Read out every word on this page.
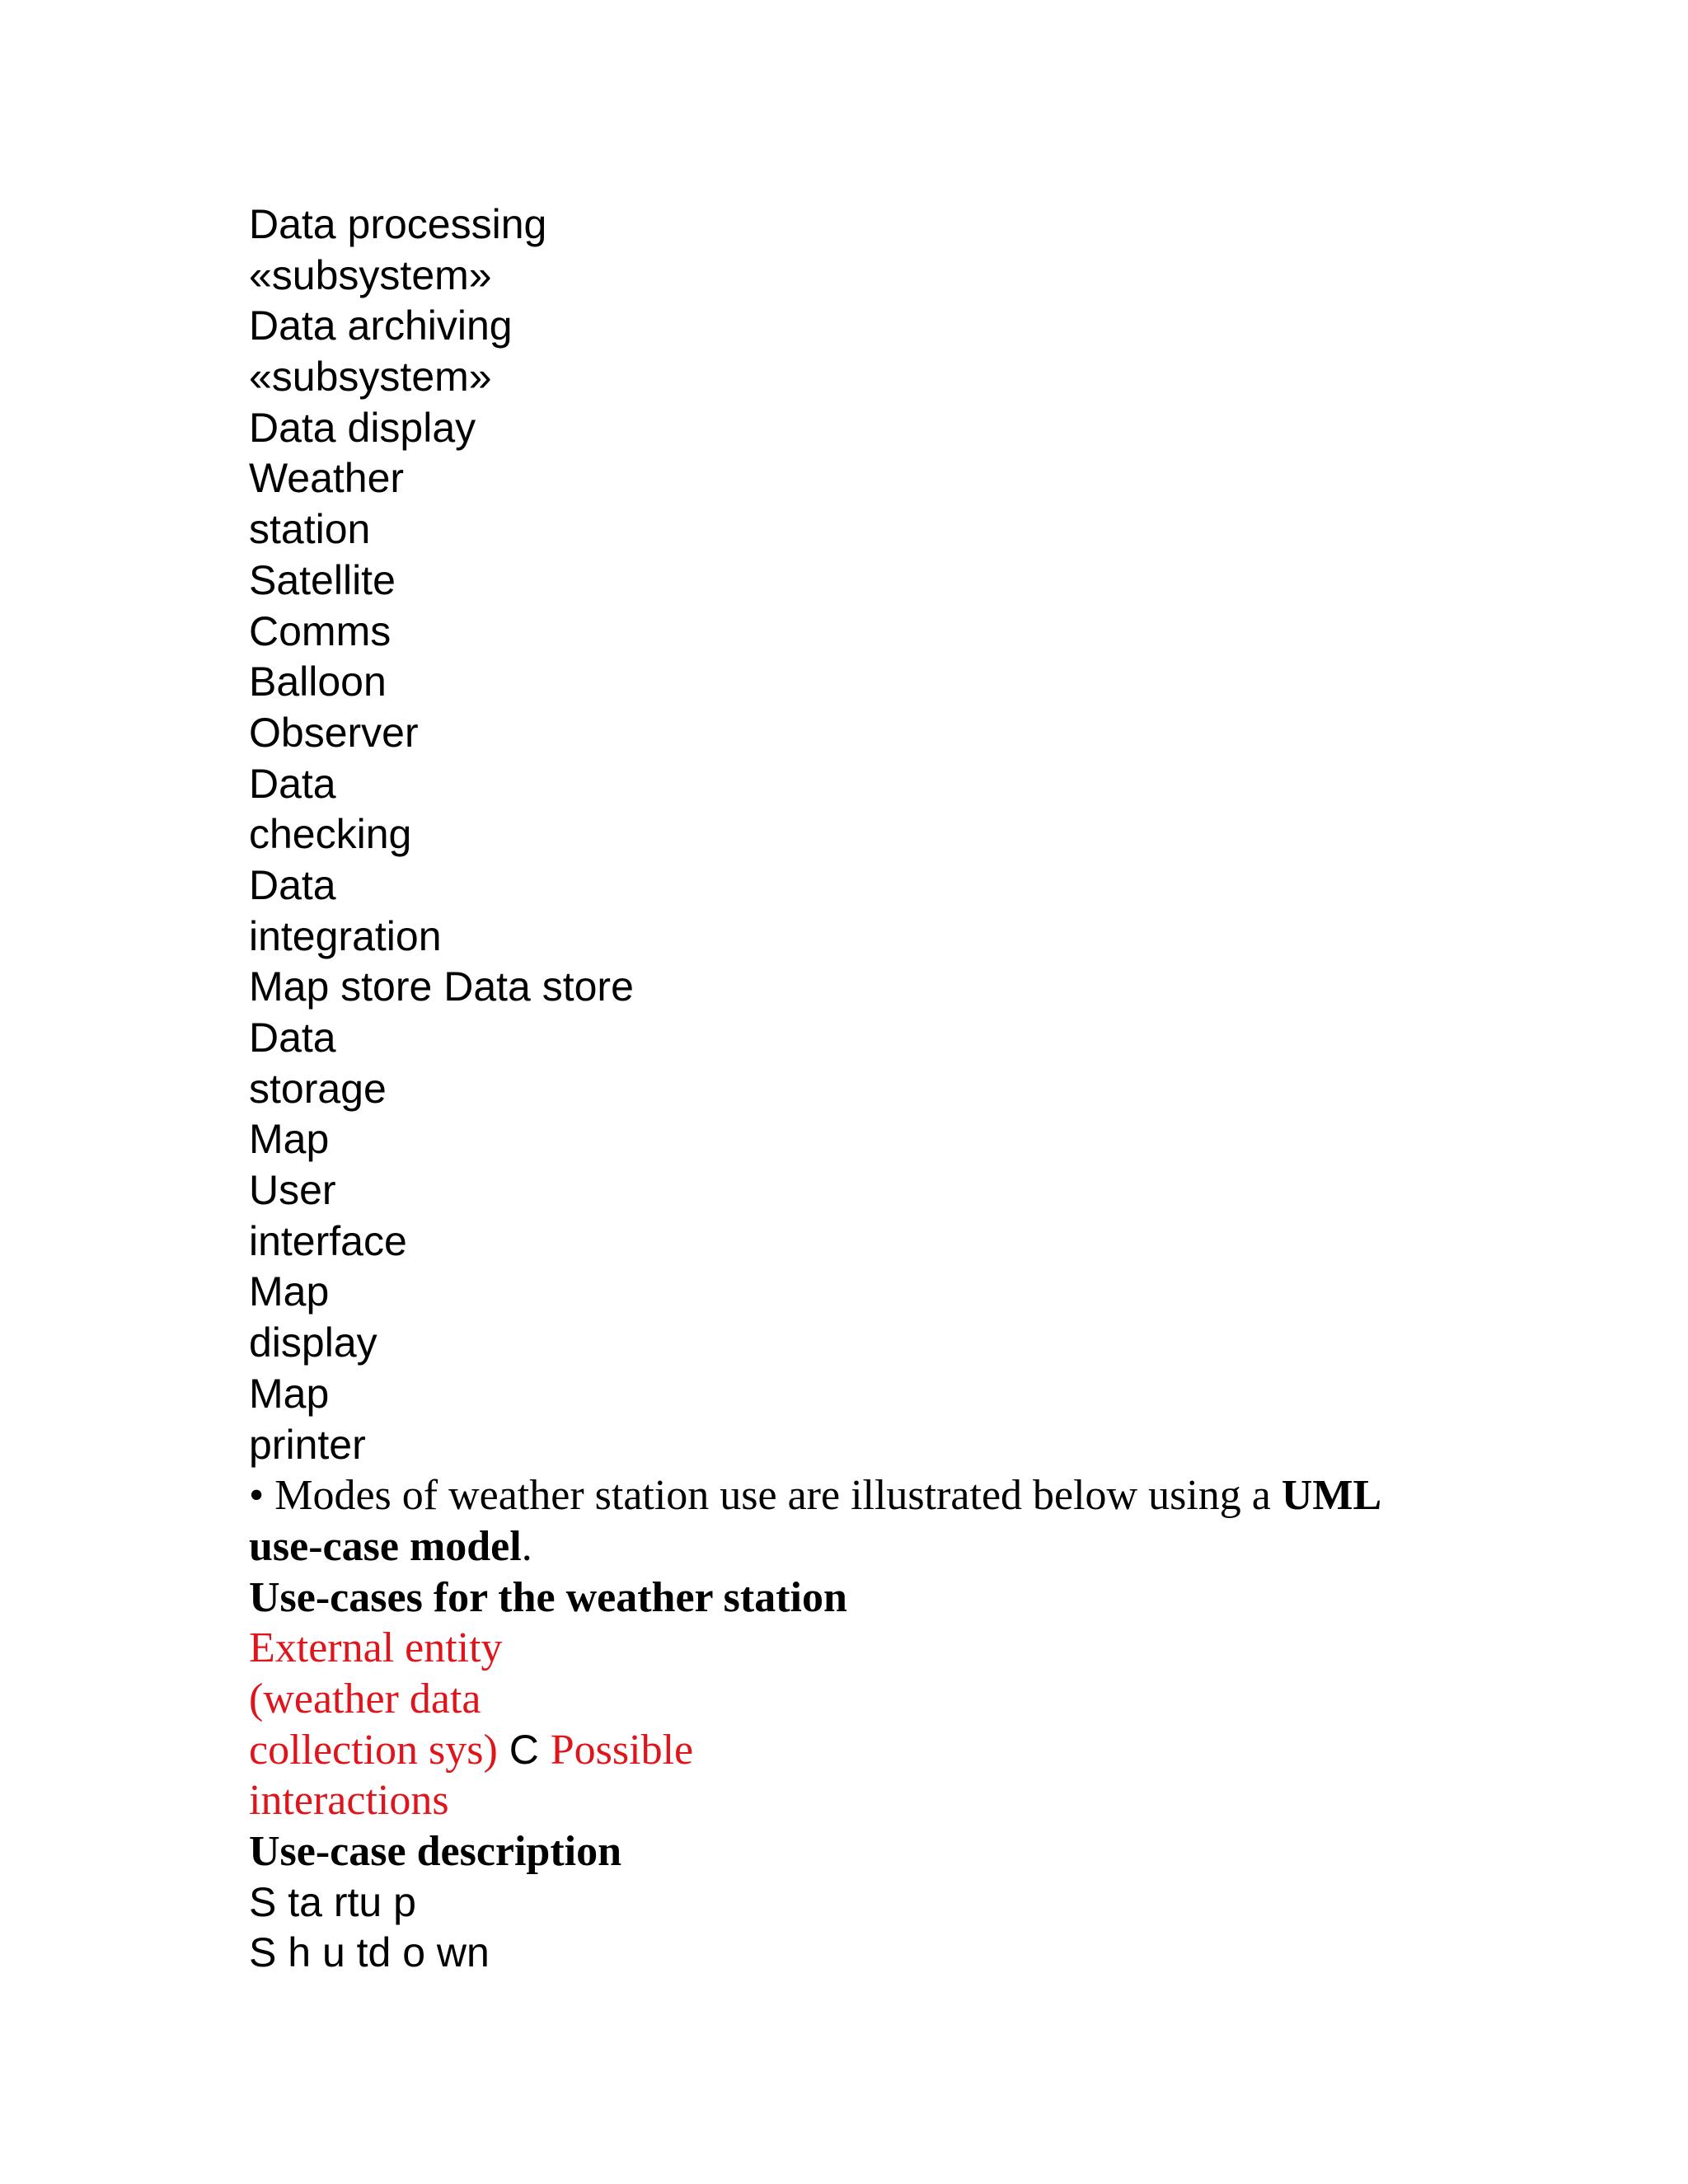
Data processing
«subsystem»
Data archiving
«subsystem»
Data display
Weather
station
Satellite
Comms
Balloon
Observer
Data
checking
Data
integration
Map store Data store
Data
storage
Map
User
interface
Map
display
Map
printer
• Modes of weather station use are illustrated below using a UML
use-case model.
Use-cases for the weather station
External entity
(weather data
collection sys) C Possible
interactions
Use-case description
S ta rtu p
S h u td o wn
